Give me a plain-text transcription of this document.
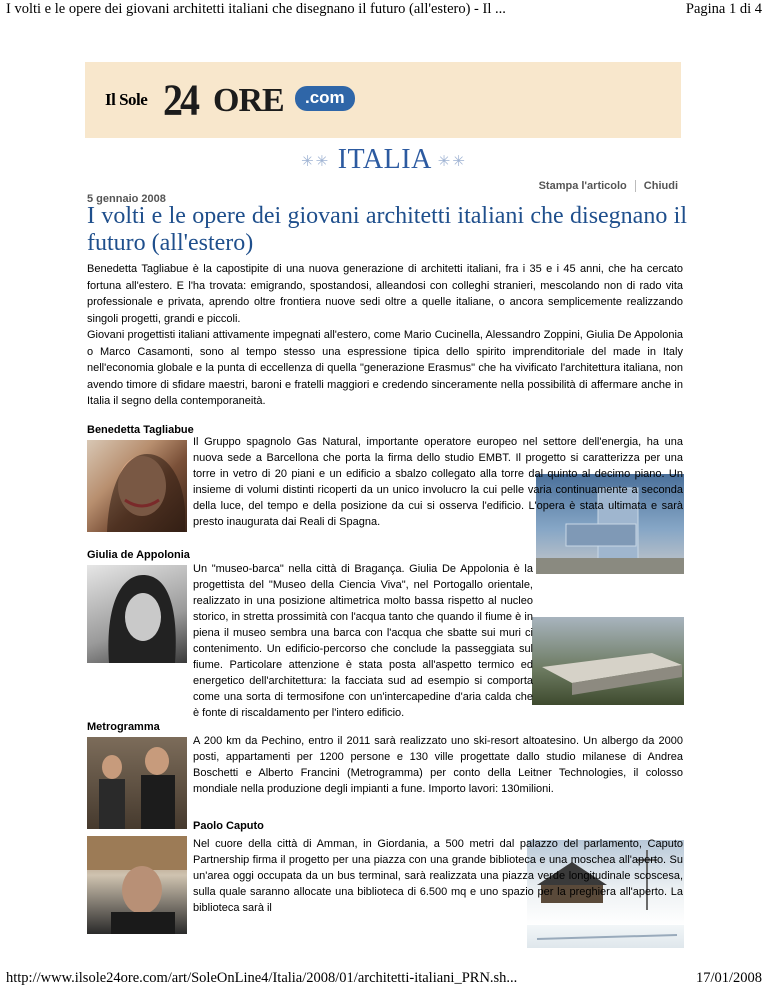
I volti e le opere dei giovani architetti italiani che disegnano il futuro (all'estero) - Il ...	Pagina 1 di 4
Il Sole 24 ORE	.com
✳✳ ITALIA ✳✳
Stampa l'articolo Chiudi
5 gennaio 2008
I volti e le opere dei giovani architetti italiani che disegnano il futuro (all'estero)

Benedetta Tagliabue è la capostipite di una nuova generazione di architetti italiani, fra i 35 e i 45 anni, che ha cercato fortuna all'estero. E l'ha trovata: emigrando, spostandosi, alleandosi con colleghi stranieri, mescolando non di rado vita professionale e privata, aprendo oltre frontiera nuove sedi oltre a quelle italiane, o ancora semplicemente realizzando singoli progetti, grandi e piccoli.

Giovani progettisti italiani attivamente impegnati all'estero, come Mario Cucinella, Alessandro Zoppini, Giulia De Appolonia o Marco Casamonti, sono al tempo stesso una espressione tipica dello spirito imprenditoriale del made in Italy nell'economia globale e la punta di eccellenza di quella "generazione Erasmus" che ha vivificato l'architettura italiana, non avendo timore di sfidare maestri, baroni e fratelli maggiori e credendo sinceramente nella possibilità di affermare anche in Italia il segno della contemporaneità.

Benedetta Tagliabue

Il Gruppo spagnolo Gas Natural, importante operatore europeo nel settore dell'energia, ha una nuova sede a Barcellona che porta la firma dello studio EMBT. Il progetto si caratterizza per una torre in vetro di 20 piani e un edificio a sbalzo collegato alla torre dal quinto al decimo piano. Un insieme di volumi distinti ricoperti da un unico involucro la cui pelle varia continuamente a seconda della luce, del tempo e della posizione da cui si osserva l'edificio. L'opera è stata ultimata e sarà presto inaugurata dai Reali di Spagna.

Giulia de Appolonia

Un "museo-barca" nella città di Bragança. Giulia De Appolonia è la progettista del "Museo della Ciencia Viva", nel Portogallo orientale, realizzato in una posizione altimetrica molto bassa rispetto al nucleo storico, in stretta prossimità con l'acqua tanto che quando il fiume è in piena il museo sembra una barca con l'acqua che sbatte sui muri ci contenimento. Un edificio-percorso che conclude la passeggiata sul fiume. Particolare attenzione è stata posta all'aspetto termico ed energetico dell'architettura: la facciata sud ad esempio si comporta come una sorta di termosifone con un'intercapedine d'aria calda che è fonte di riscaldamento per l'intero edificio.

Metrogramma

A 200 km da Pechino, entro il 2011 sarà realizzato uno ski-resort altoatesino. Un albergo da 2000 posti, appartamenti per 1200 persone e 130 ville progettate dallo studio milanese di Andrea Boschetti e Alberto Francini (Metrogramma) per conto della Leitner Technologies, il colosso mondiale nella produzione degli impianti a fune. Importo lavori: 130milioni.

Paolo Caputo

Nel cuore della città di Amman, in Giordania, a 500 metri dal palazzo del parlamento, Caputo Partnership firma il progetto per una piazza con una grande biblioteca e una moschea all'aperto. Su un'area oggi occupata da un bus terminal, sarà realizzata una piazza verde longitudinale scoscesa, sulla quale saranno allocate una biblioteca di 6.500 mq e uno spazio per la preghiera all'aperto. La biblioteca sarà il

http://www.ilsole24ore.com/art/SoleOnLine4/Italia/2008/01/architetti-italiani_PRN.sh...	17/01/2008
